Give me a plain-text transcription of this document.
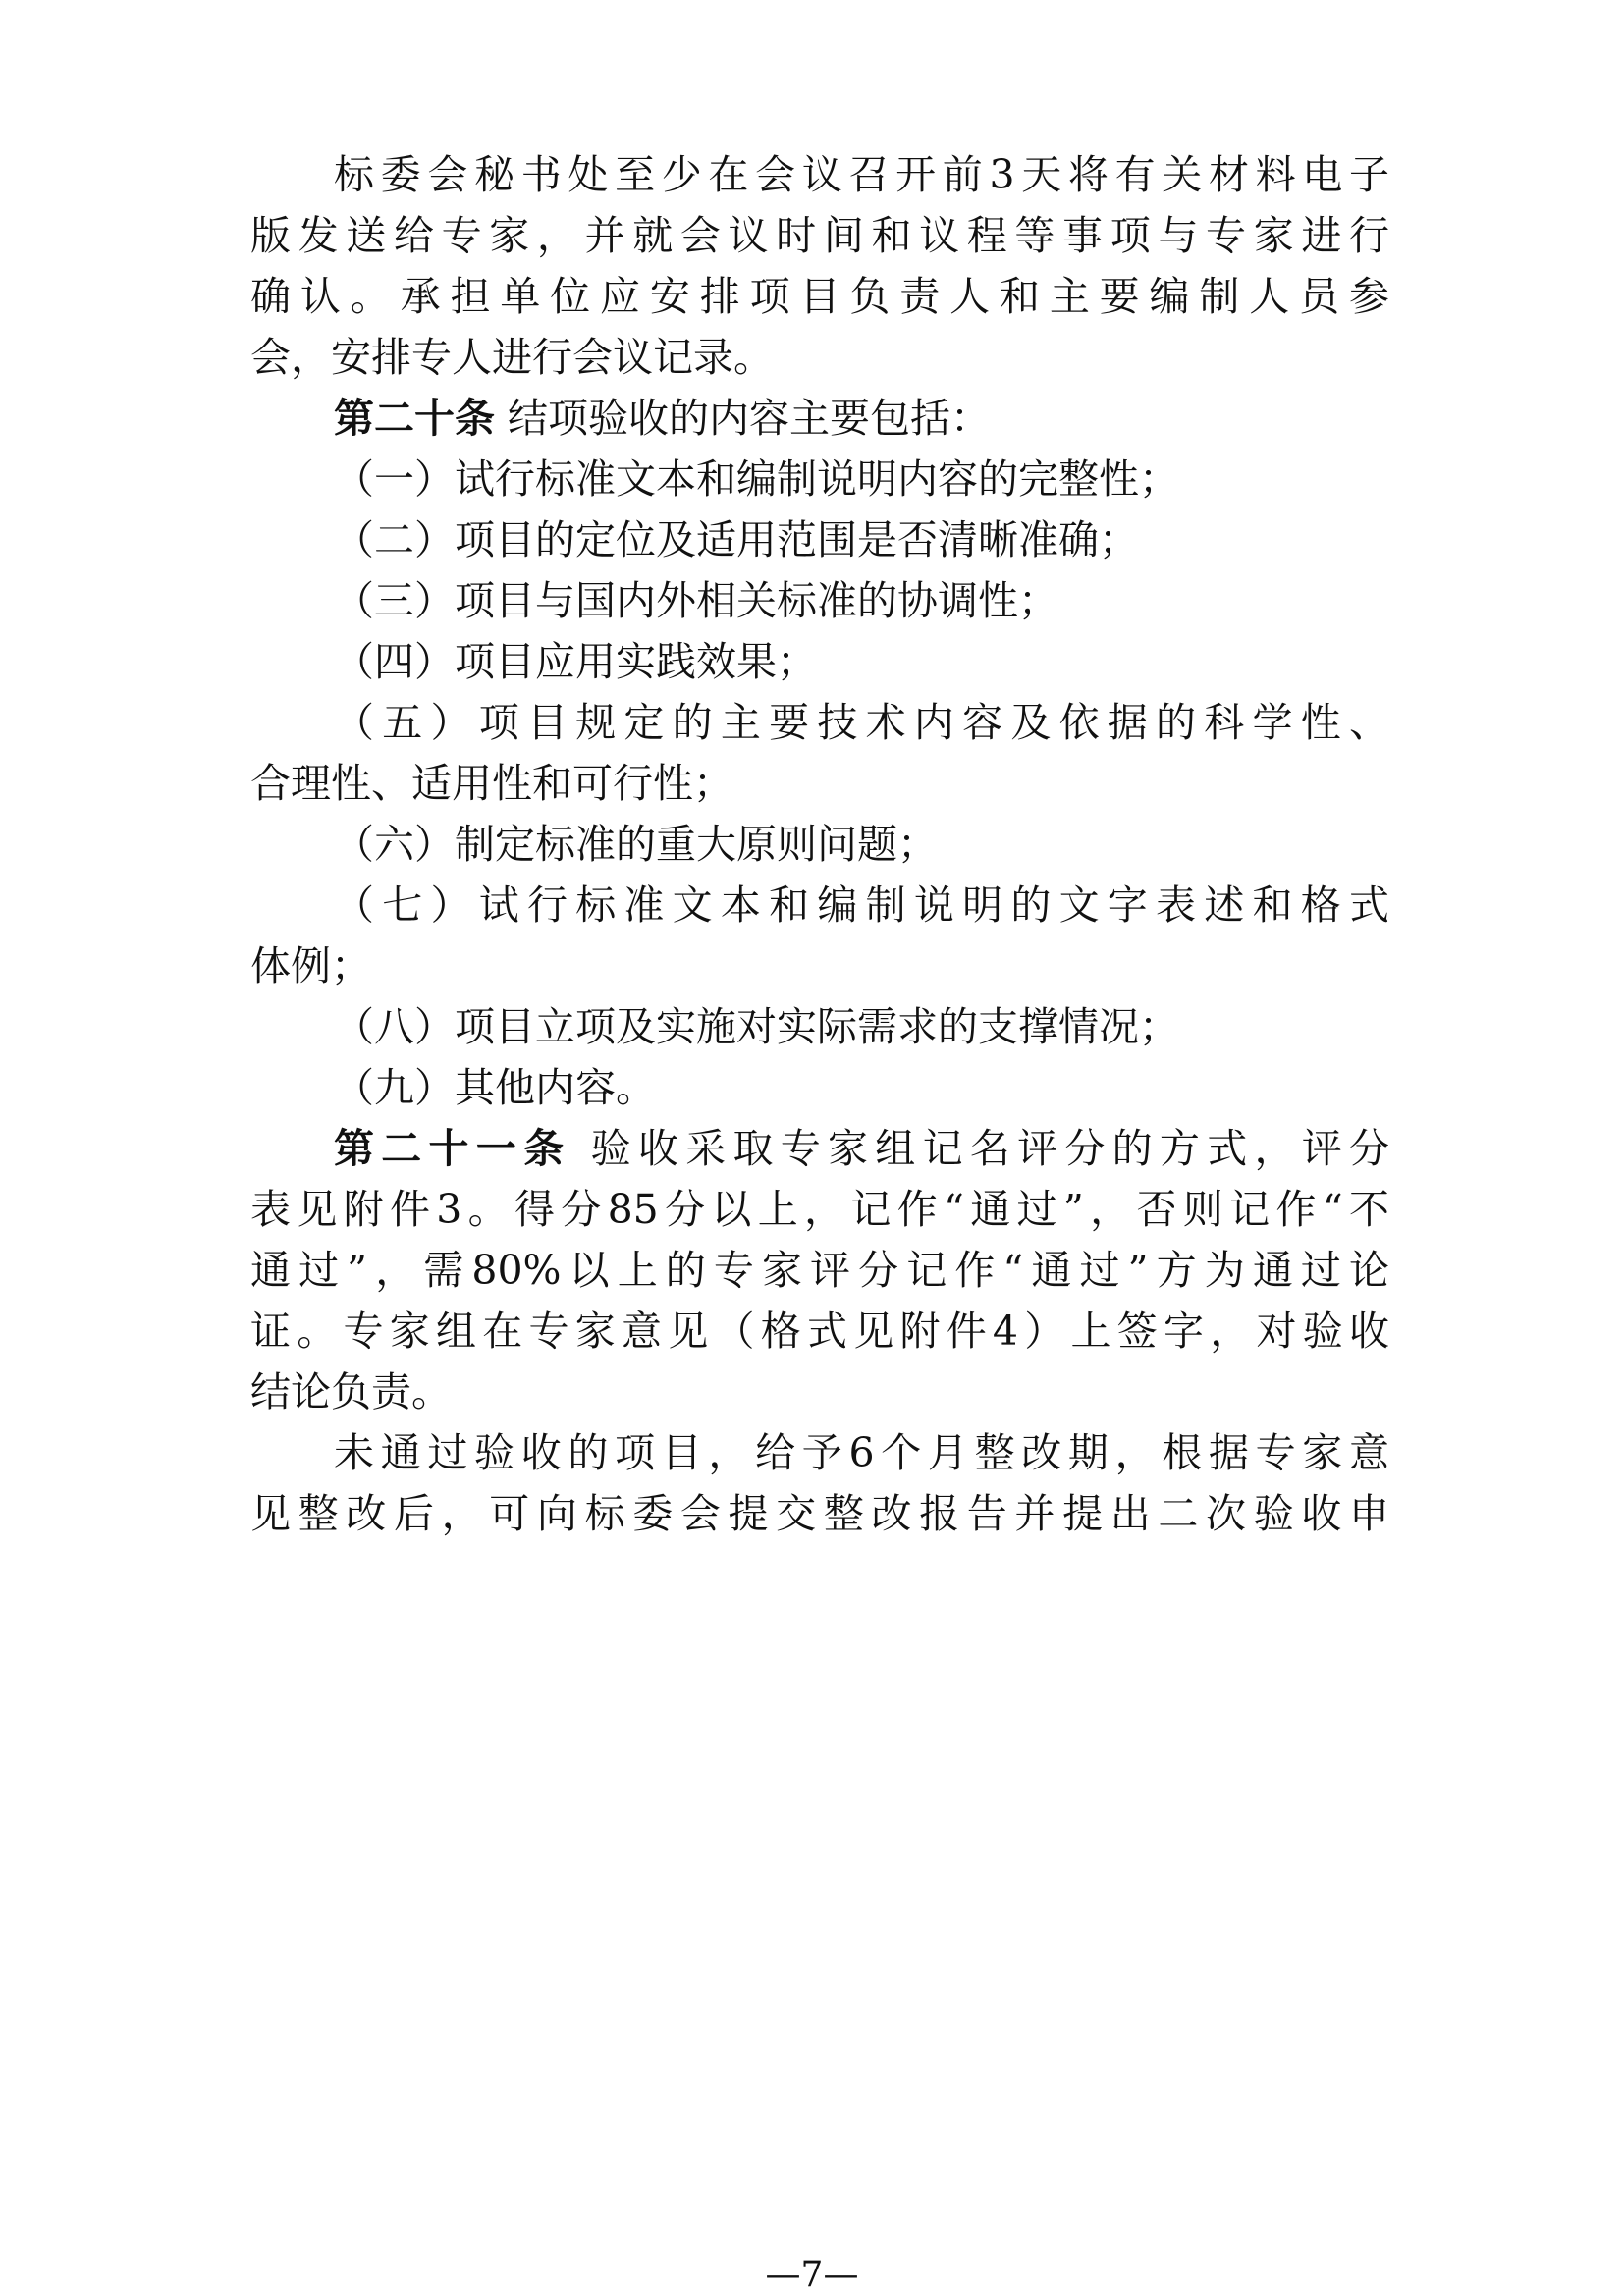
标委会秘书处至少在会议召开前3天将有关材料电子
版发送给专家，并就会议时间和议程等事项与专家进行
确认。承担单位应安排项目负责人和主要编制人员参
会，安排专人进行会议记录。
第二十条 结项验收的内容主要包括：
（一）试行标准文本和编制说明内容的完整性；
（二）项目的定位及适用范围是否清晰准确；
（三）项目与国内外相关标准的协调性；
（四）项目应用实践效果；
（五）项目规定的主要技术内容及依据的科学性、
合理性、适用性和可行性；
（六）制定标准的重大原则问题；
（七）试行标准文本和编制说明的文字表述和格式
体例；
（八）项目立项及实施对实际需求的支撑情况；
（九）其他内容。
第二十一条 验收采取专家组记名评分的方式，评分
表见附件3。得分85分以上，记作“通过”，否则记作“不
通过”，需80%以上的专家评分记作“通过”方为通过论
证。专家组在专家意见（格式见附件4）上签字，对验收
结论负责。
未通过验收的项目，给予6个月整改期，根据专家意
见整改后，可向标委会提交整改报告并提出二次验收申
—7—
